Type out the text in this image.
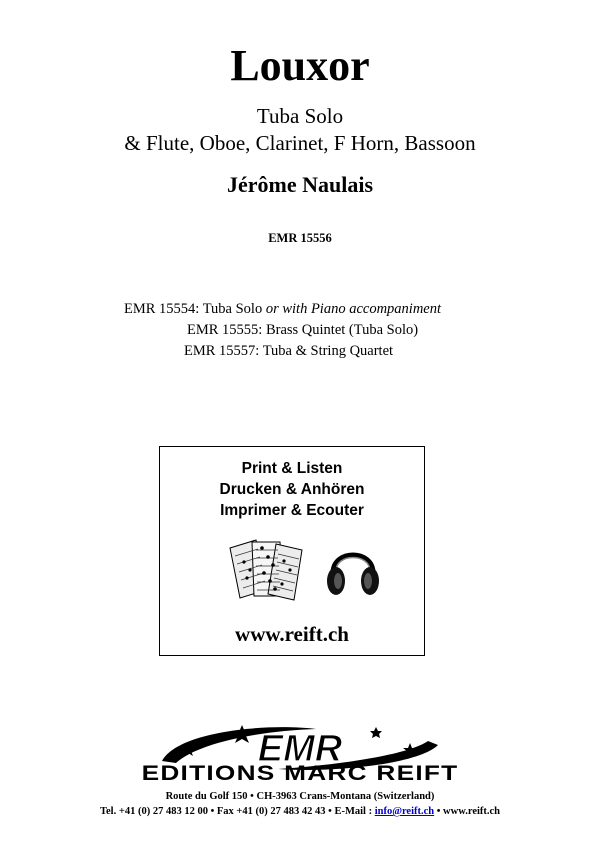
Louxor
Tuba Solo
& Flute, Oboe, Clarinet, F Horn, Bassoon
Jérôme Naulais
EMR 15556
EMR 15554: Tuba Solo or with Piano accompaniment
EMR 15555: Brass Quintet (Tuba Solo)
EMR 15557: Tuba & String Quartet
Print & Listen
Drucken & Anhören
Imprimer & Ecouter
www.reift.ch
EMR
EDITIONS MARC REIFT
Route du Golf 150 • CH-3963 Crans-Montana (Switzerland)
Tel. +41 (0) 27 483 12 00 • Fax +41 (0) 27 483 42 43 • E-Mail : info@reift.ch • www.reift.ch
